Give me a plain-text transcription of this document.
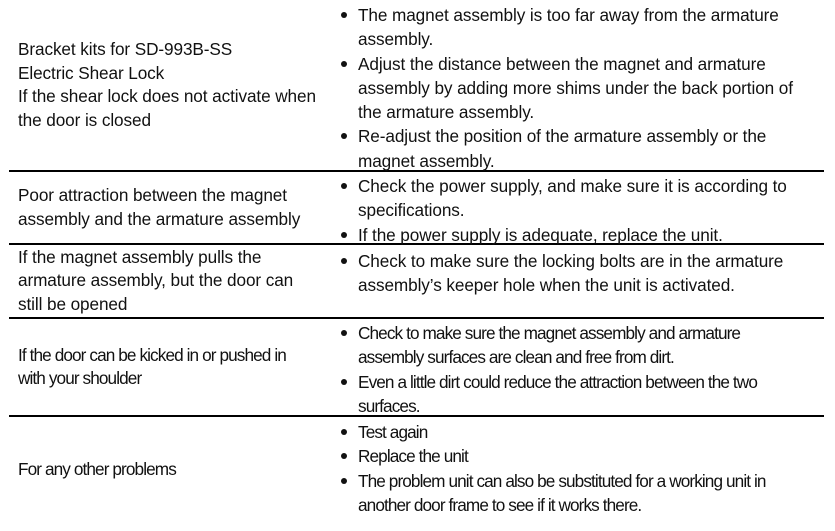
Bracket kits for SD-993B-SS
Electric Shear Lock
If the shear lock does not activate when
the door is closed
The magnet assembly is too far away from the armature
assembly.
Adjust the distance between the magnet and armature
assembly by adding more shims under the back portion of
the armature assembly.
Re-adjust the position of the armature assembly or the
magnet assembly.
Poor attraction between the magnet
assembly and the armature assembly
Check the power supply, and make sure it is according to
specifications.
If the power supply is adequate, replace the unit.
If the magnet assembly pulls the
armature assembly, but the door can
still be opened
Check to make sure the locking bolts are in the armature
assembly’s keeper hole when the unit is activated.
If the door can be kicked in or pushed in
with your shoulder
Check to make sure the magnet assembly and armature
assembly surfaces are clean and free from dirt.
Even a little dirt could reduce the attraction between the two
surfaces.
For any other problems
Test again
Replace the unit
The problem unit can also be substituted for a working unit in
another door frame to see if it works there.
